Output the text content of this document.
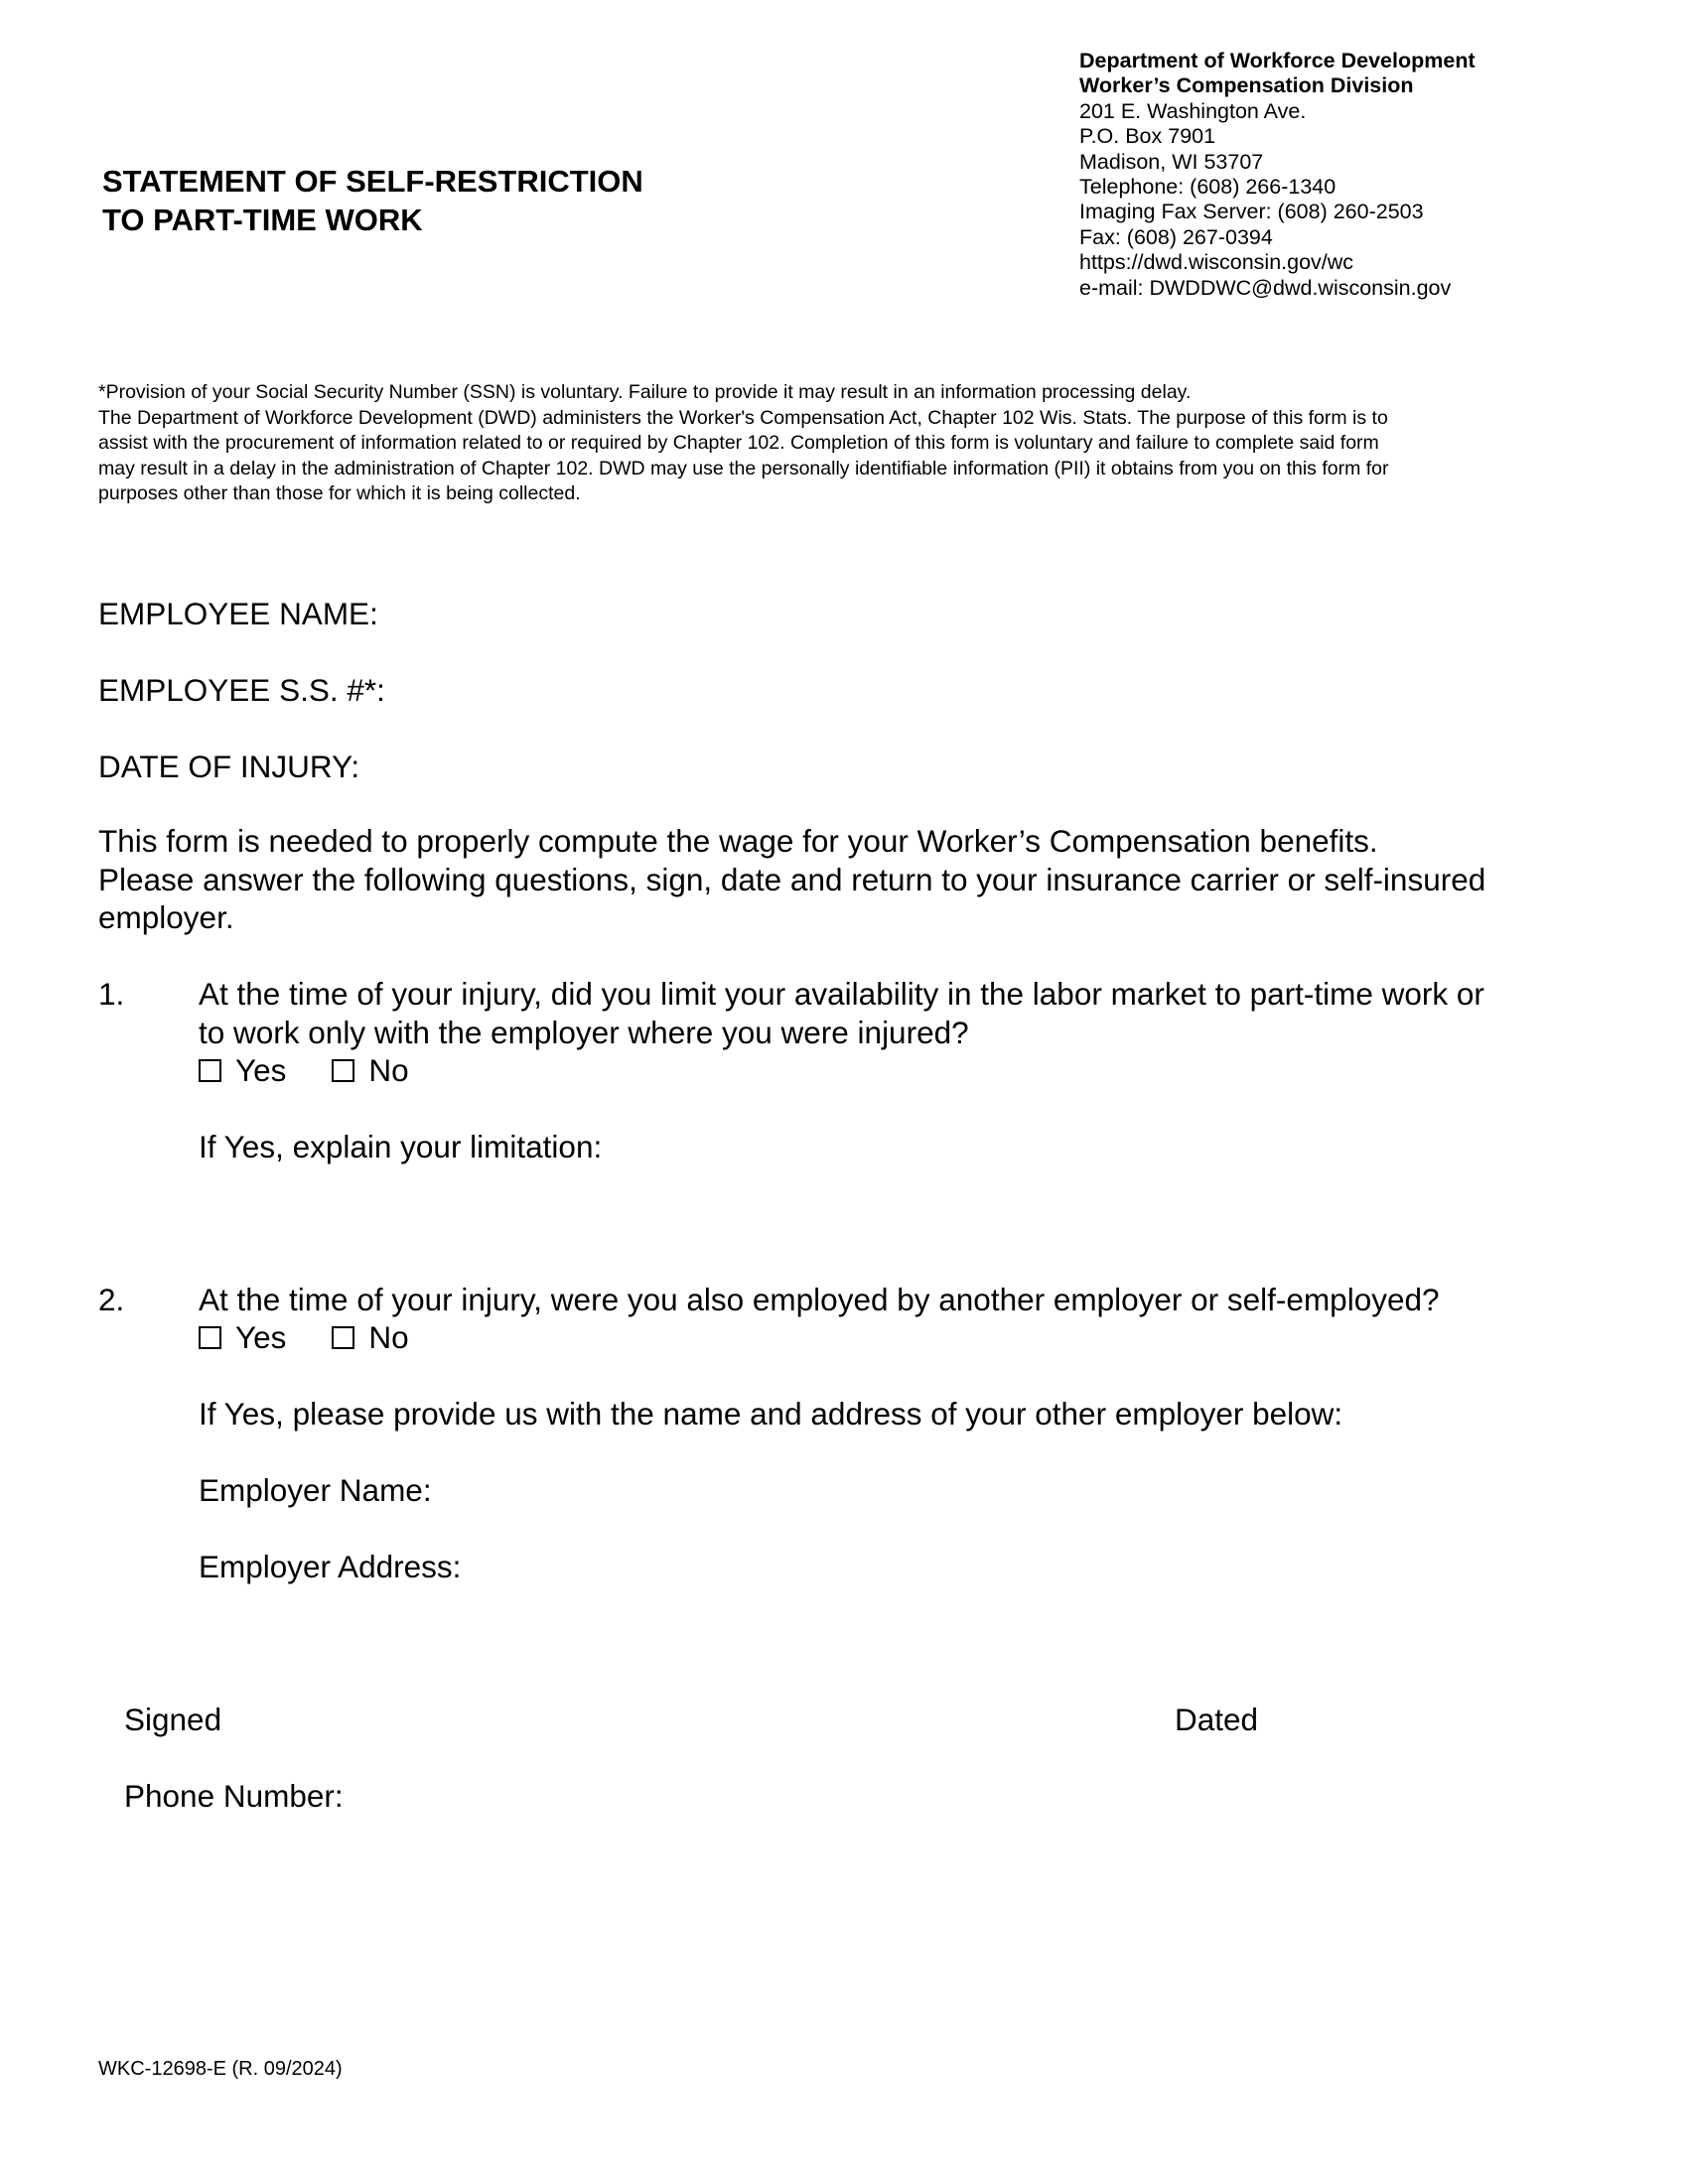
STATEMENT OF SELF-RESTRICTION
TO PART-TIME WORK
Department of Workforce Development
Worker’s Compensation Division
201 E. Washington Ave.
P.O. Box 7901
Madison, WI 53707
Telephone: (608) 266-1340
Imaging Fax Server: (608) 260-2503
Fax: (608) 267-0394
https://dwd.wisconsin.gov/wc
e-mail: DWDDWC@dwd.wisconsin.gov
*Provision of your Social Security Number (SSN) is voluntary. Failure to provide it may result in an information processing delay.
The Department of Workforce Development (DWD) administers the Worker's Compensation Act, Chapter 102 Wis. Stats. The purpose of this form is to
assist with the procurement of information related to or required by Chapter 102. Completion of this form is voluntary and failure to complete said form
may result in a delay in the administration of Chapter 102. DWD may use the personally identifiable information (PII) it obtains from you on this form for
purposes other than those for which it is being collected.
EMPLOYEE NAME:
EMPLOYEE S.S. #*:
DATE OF INJURY:
This form is needed to properly compute the wage for your Worker’s Compensation benefits.
Please answer the following questions, sign, date and return to your insurance carrier or self-insured
employer.
1. At the time of your injury, did you limit your availability in the labor market to part-time work or
to work only with the employer where you were injured?
Yes	No
If Yes, explain your limitation:
2. At the time of your injury, were you also employed by another employer or self-employed?
Yes	No
If Yes, please provide us with the name and address of your other employer below:
Employer Name:
Employer Address:
Signed	Dated
Phone Number:
WKC-12698-E (R. 09/2024)
